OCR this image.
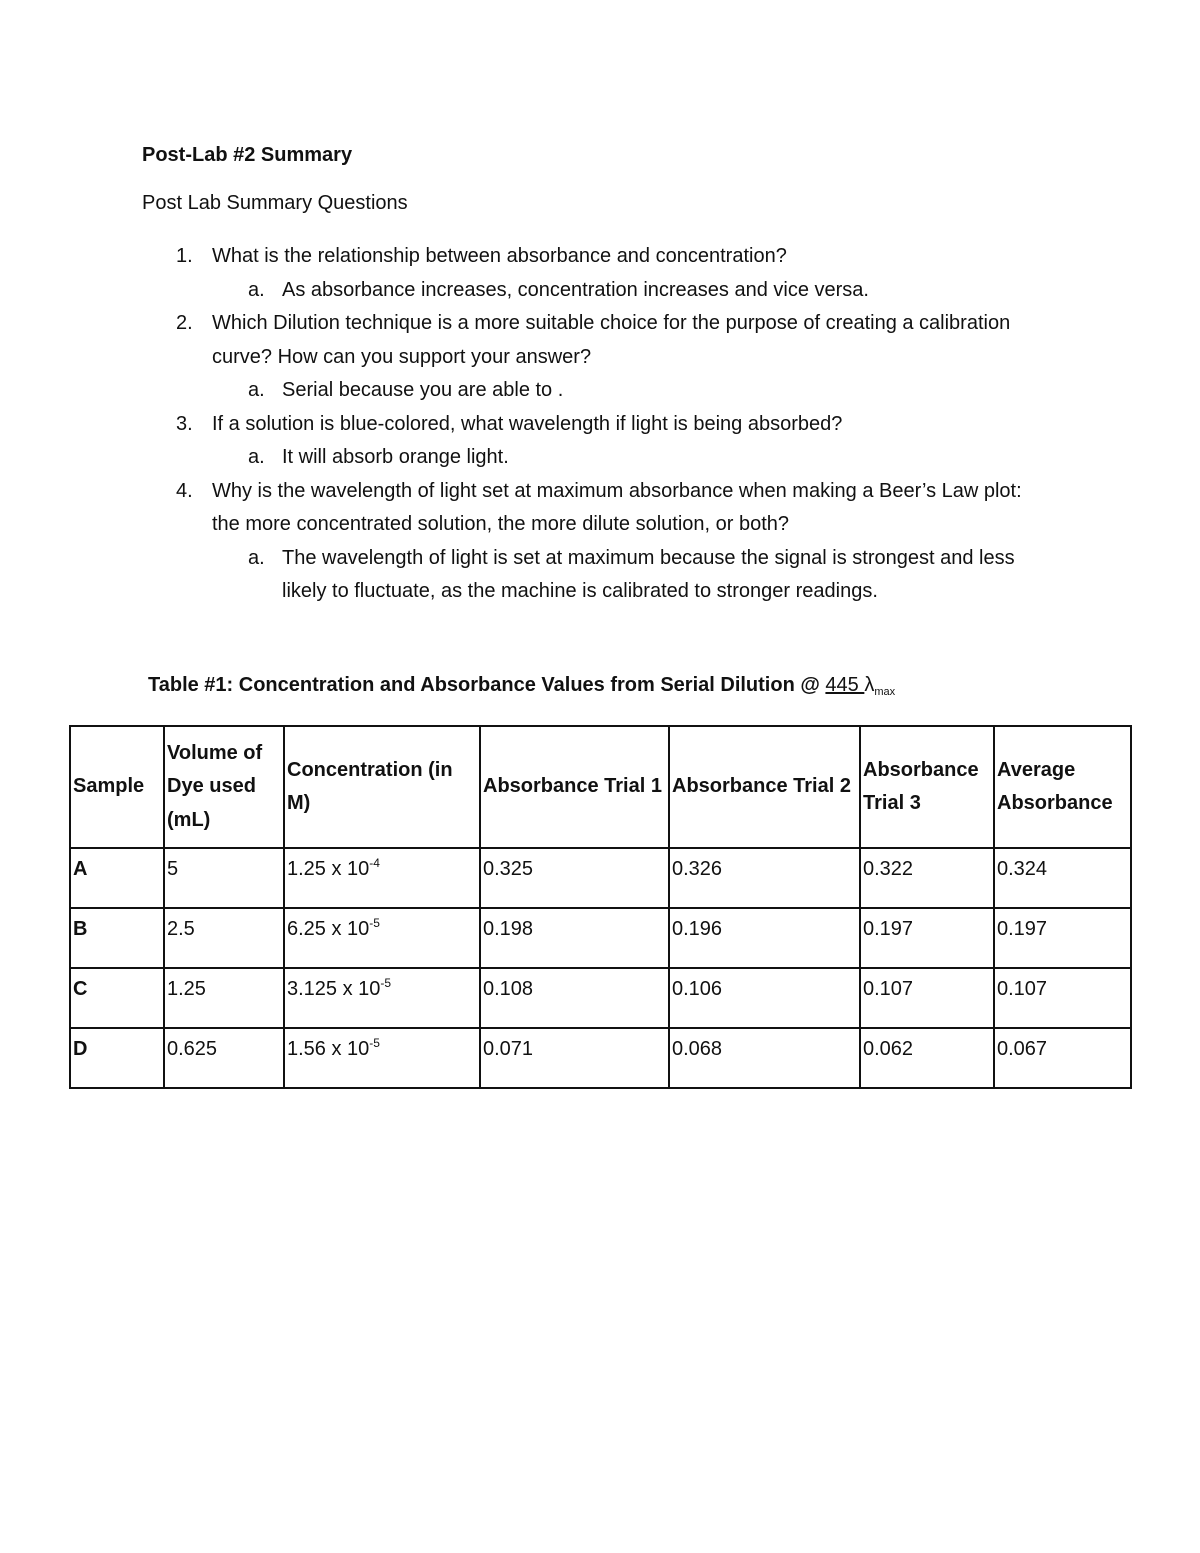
Post-Lab #2 Summary
Post Lab Summary Questions
1. What is the relationship between absorbance and concentration?
a. As absorbance increases, concentration increases and vice versa.
2. Which Dilution technique is a more suitable choice for the purpose of creating a calibration curve? How can you support your answer?
a. Serial because you are able to .
3. If a solution is blue-colored, what wavelength if light is being absorbed?
a. It will absorb orange light.
4. Why is the wavelength of light set at maximum absorbance when making a Beer’s Law plot: the more concentrated solution, the more dilute solution, or both?
a. The wavelength of light is set at maximum because the signal is strongest and less likely to fluctuate, as the machine is calibrated to stronger readings.
Table #1: Concentration and Absorbance Values from Serial Dilution @ 445 $\lambda_{max}$
Sample	Volume of Dye used (mL)	Concentration (in M)	Absorbance Trial 1	Absorbance Trial 2	Absorbance Trial 3	Average Absorbance
A	5	1.25 x $10^{-4}$	0.325	0.326	0.322	0.324
B	2.5	6.25 x $10^{-5}$	0.198	0.196	0.197	0.197
C	1.25	3.125 x $10^{-5}$	0.108	0.106	0.107	0.107
D	0.625	1.56 x $10^{-5}$	0.071	0.068	0.062	0.067
